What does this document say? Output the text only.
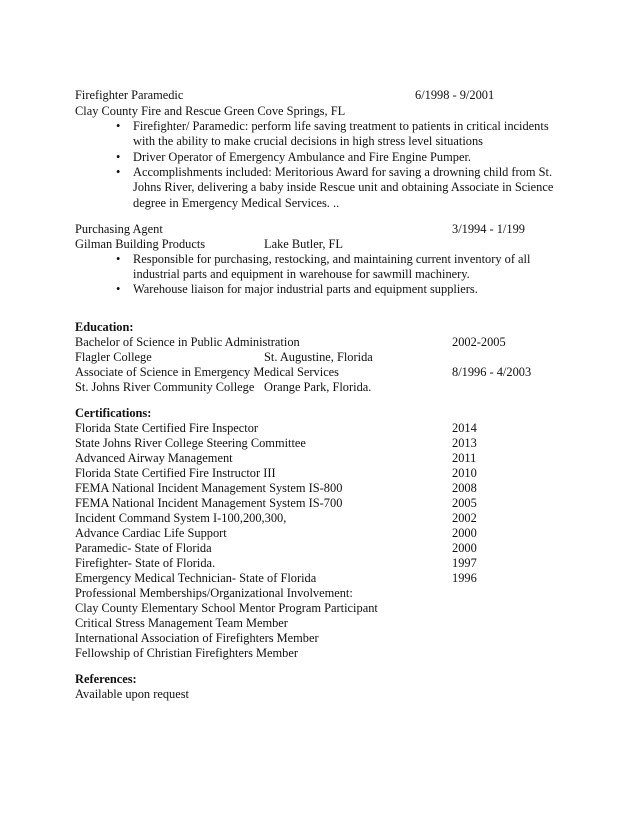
Firefighter Paramedic	6/1998 - 9/2001
Clay County Fire and Rescue Green Cove Springs, FL
• Firefighter/ Paramedic: perform life saving treatment to patients in critical incidents
with the ability to make crucial decisions in high stress level situations
• Driver Operator of Emergency Ambulance and Fire Engine Pumper.
• Accomplishments included: Meritorious Award for saving a drowning child from St.
Johns River, delivering a baby inside Rescue unit and obtaining Associate in Science
degree in Emergency Medical Services. ..
Purchasing Agent	3/1994 - 1/199
Gilman Building Products	Lake Butler, FL
• Responsible for purchasing, restocking, and maintaining current inventory of all
industrial parts and equipment in warehouse for sawmill machinery.
• Warehouse liaison for major industrial parts and equipment suppliers.
Education:
Bachelor of Science in Public Administration	2002-2005
Flagler College	St. Augustine, Florida
Associate of Science in Emergency Medical Services	8/1996 - 4/2003
St. Johns River Community College Orange Park, Florida.
Certifications:
Florida State Certified Fire Inspector	2014
State Johns River College Steering Committee	2013
Advanced Airway Management	2011
Florida State Certified Fire Instructor III	2010
FEMA National Incident Management System IS-800	2008
FEMA National Incident Management System IS-700	2005
Incident Command System I-100,200,300,	2002
Advance Cardiac Life Support	2000
Paramedic- State of Florida	2000
Firefighter- State of Florida.	1997
Emergency Medical Technician- State of Florida	1996
Professional Memberships/Organizational Involvement:
Clay County Elementary School Mentor Program Participant
Critical Stress Management Team Member
International Association of Firefighters Member
Fellowship of Christian Firefighters Member
References:
Available upon request
